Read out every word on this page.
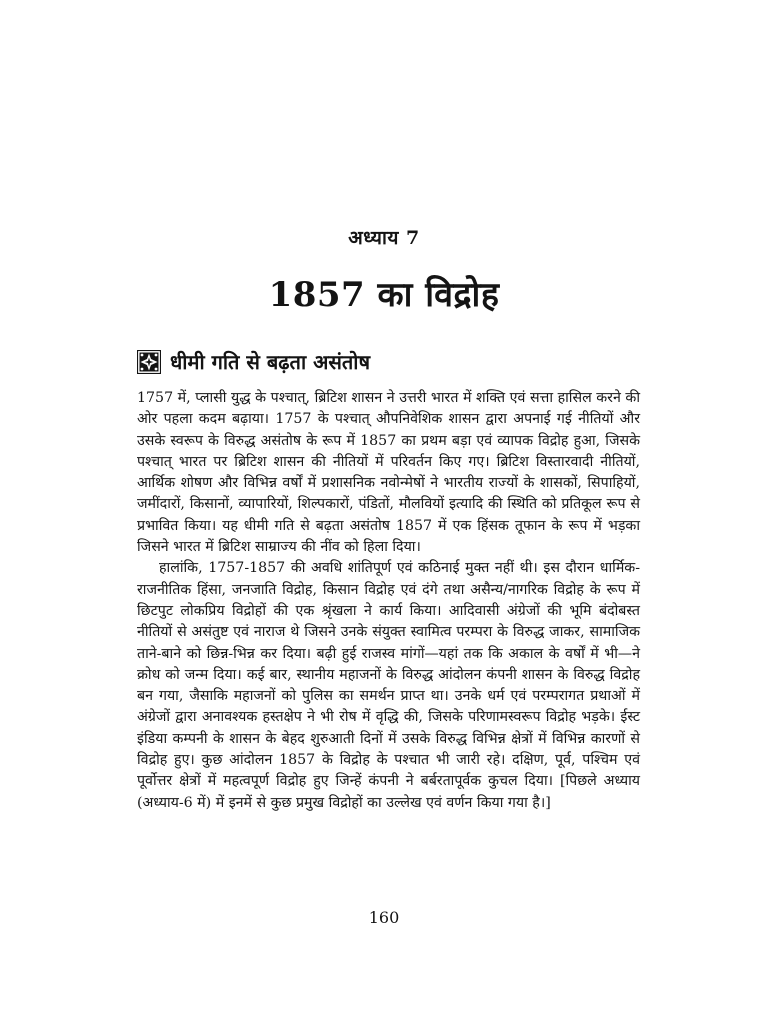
अध्याय 7
1857 का विद्रोह
धीमी गति से बढ़ता असंतोष

1757 में, प्लासी युद्ध के पश्चात्, ब्रिटिश शासन ने उत्तरी भारत में शक्ति एवं सत्ता हासिल करने की ओर पहला कदम बढ़ाया। 1757 के पश्चात् औपनिवेशिक शासन द्वारा अपनाई गई नीतियों और उसके स्वरूप के विरुद्ध असंतोष के रूप में 1857 का प्रथम बड़ा एवं व्यापक विद्रोह हुआ, जिसके पश्चात् भारत पर ब्रिटिश शासन की नीतियों में परिवर्तन किए गए। ब्रिटिश विस्तारवादी नीतियों, आर्थिक शोषण और विभिन्न वर्षों में प्रशासनिक नवोन्मेषों ने भारतीय राज्यों के शासकों, सिपाहियों, जमींदारों, किसानों, व्यापारियों, शिल्पकारों, पंडितों, मौलवियों इत्यादि की स्थिति को प्रतिकूल रूप से प्रभावित किया। यह धीमी गति से बढ़ता असंतोष 1857 में एक हिंसक तूफान के रूप में भड़का जिसने भारत में ब्रिटिश साम्राज्य की नींव को हिला दिया।

हालांकि, 1757-1857 की अवधि शांतिपूर्ण एवं कठिनाई मुक्त नहीं थी। इस दौरान धार्मिक-राजनीतिक हिंसा, जनजाति विद्रोह, किसान विद्रोह एवं दंगे तथा असैन्य/नागरिक विद्रोह के रूप में छिटपुट लोकप्रिय विद्रोहों की एक श्रृंखला ने कार्य किया। आदिवासी अंग्रेजों की भूमि बंदोबस्त नीतियों से असंतुष्ट एवं नाराज थे जिसने उनके संयुक्त स्वामित्व परम्परा के विरुद्ध जाकर, सामाजिक ताने-बाने को छिन्न-भिन्न कर दिया। बढ़ी हुई राजस्व मांगों—यहां तक कि अकाल के वर्षों में भी—ने क्रोध को जन्म दिया। कई बार, स्थानीय महाजनों के विरुद्ध आंदोलन कंपनी शासन के विरुद्ध विद्रोह बन गया, जैसाकि महाजनों को पुलिस का समर्थन प्राप्त था। उनके धर्म एवं परम्परागत प्रथाओं में अंग्रेजों द्वारा अनावश्यक हस्तक्षेप ने भी रोष में वृद्धि की, जिसके परिणामस्वरूप विद्रोह भड़के। ईस्ट इंडिया कम्पनी के शासन के बेहद शुरुआती दिनों में उसके विरुद्ध विभिन्न क्षेत्रों में विभिन्न कारणों से विद्रोह हुए। कुछ आंदोलन 1857 के विद्रोह के पश्चात भी जारी रहे। दक्षिण, पूर्व, पश्चिम एवं पूर्वोत्तर क्षेत्रों में महत्वपूर्ण विद्रोह हुए जिन्हें कंपनी ने बर्बरतापूर्वक कुचल दिया। [पिछले अध्याय (अध्याय-6 में) में इनमें से कुछ प्रमुख विद्रोहों का उल्लेख एवं वर्णन किया गया है।]

160
